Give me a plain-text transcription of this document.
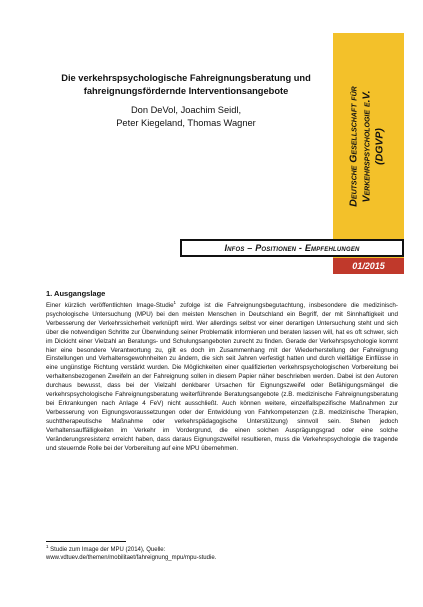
Deutsche Gesellschaft für Verkehrspsychologie e.V. (DGVP)
Die verkehrspsychologische Fahreignungsberatung und
fahreignungsfördernde Interventionsangebote
Don DeVol, Joachim Seidl,
Peter Kiegeland, Thomas Wagner
Infos – Positionen - Empfehlungen
01/2015
1. Ausgangslage
Einer kürzlich veröffentlichten Image-Studie$^1$ zufolge ist die Fahreignungsbegutachtung, insbesondere die medizinisch-psychologische Untersuchung (MPU) bei den meisten Menschen in Deutschland ein Begriff, der mit Sinnhaftigkeit und Verbesserung der Verkehrssicherheit verknüpft wird. Wer allerdings selbst vor einer derartigen Untersuchung steht und sich über die notwendigen Schritte zur Überwindung seiner Problematik informieren und beraten lassen will, hat es oft schwer, sich im Dickicht einer Vielzahl an Beratungs- und Schulungsangeboten zurecht zu finden. Gerade der Verkehrspsychologie kommt hier eine besondere Verantwortung zu, gilt es doch im Zusammenhang mit der Wiederherstellung der Fahreignung Einstellungen und Verhaltensgewohnheiten zu ändern, die sich seit Jahren verfestigt hatten und durch vielfältige Einflüsse in eine ungünstige Richtung verstärkt wurden. Die Möglichkeiten einer qualifizierten verkehrspsychologischen Vorbereitung bei verhaltensbezogenen Zweifeln an der Fahreignung sollen in diesem Papier näher beschrieben werden. Dabei ist den Autoren durchaus bewusst, dass bei der Vielzahl denkbarer Ursachen für Eignungszweifel oder Befähigungsmängel die verkehrspsychologische Fahreignungsberatung weiterführende Beratungsangebote (z.B. medizinische Fahreignungsberatung bei Erkrankungen nach Anlage 4 FeV) nicht ausschließt. Auch können weitere, einzelfallspezifische Maßnahmen zur Verbesserung von Eignungsvoraussetzungen oder der Entwicklung von Fahrkompetenzen (z.B. medizinische Therapien, suchttherapeutische Maßnahme oder verkehrspädagogische Unterstützung) sinnvoll sein. Stehen jedoch Verhaltensauffälligkeiten im Verkehr im Vordergrund, die einen solchen Ausprägungsgrad oder eine solche Veränderungsresistenz erreicht haben, dass daraus Eignungszweifel resultieren, muss die Verkehrspsychologie die tragende und steuernde Rolle bei der Vorbereitung auf eine MPU übernehmen.
$^1$ Studie zum Image der MPU (2014), Quelle:
www.vdtuev.de/themen/mobilitaet/fahreignung_mpu/mpu-studie.
